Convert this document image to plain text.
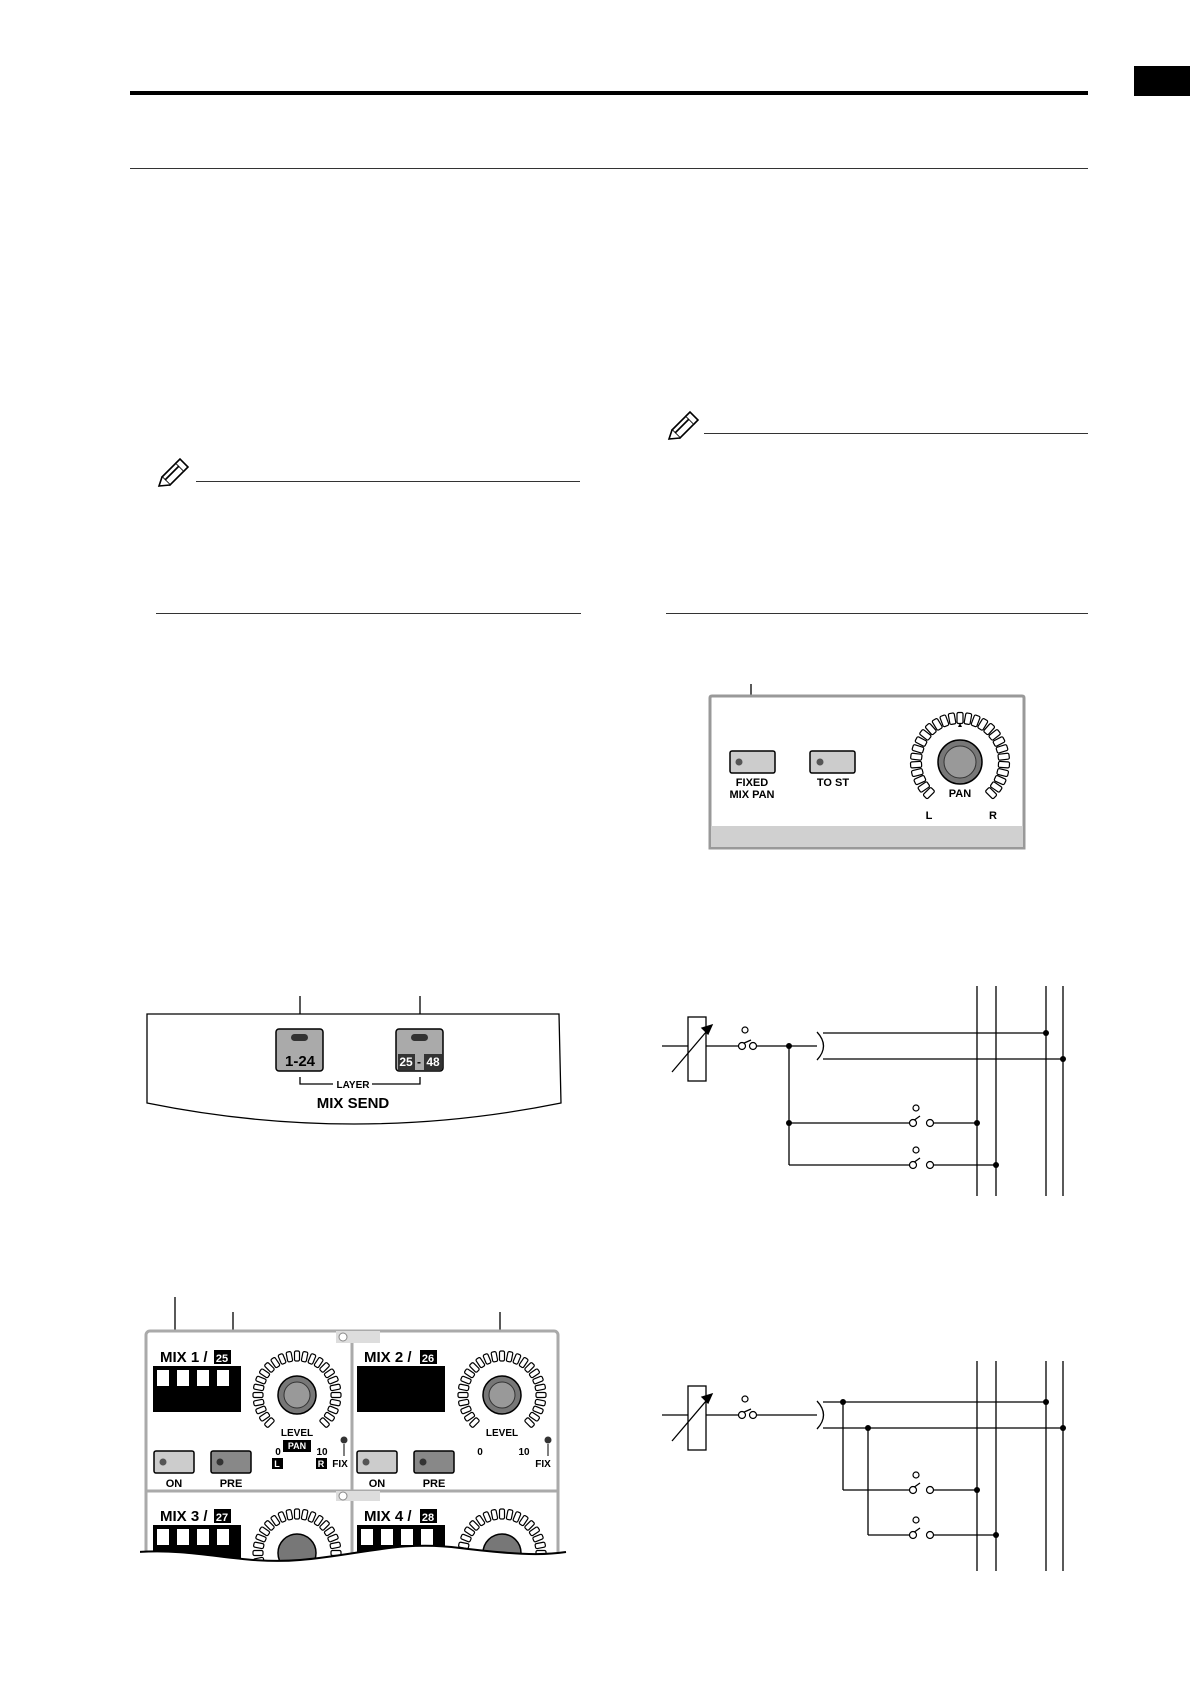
FIXED
MIX PAN
TO ST
PAN
L	R
1-24	25 - 48
LAYER
MIX SEND
MIX 1 / 25	MIX 2 / 26
LEVEL
PAN
0	10
L	R FIX
LEVEL
0	10
FIX
ON	PRE	ON	PRE
MIX 3 / 27	MIX 4 / 28
